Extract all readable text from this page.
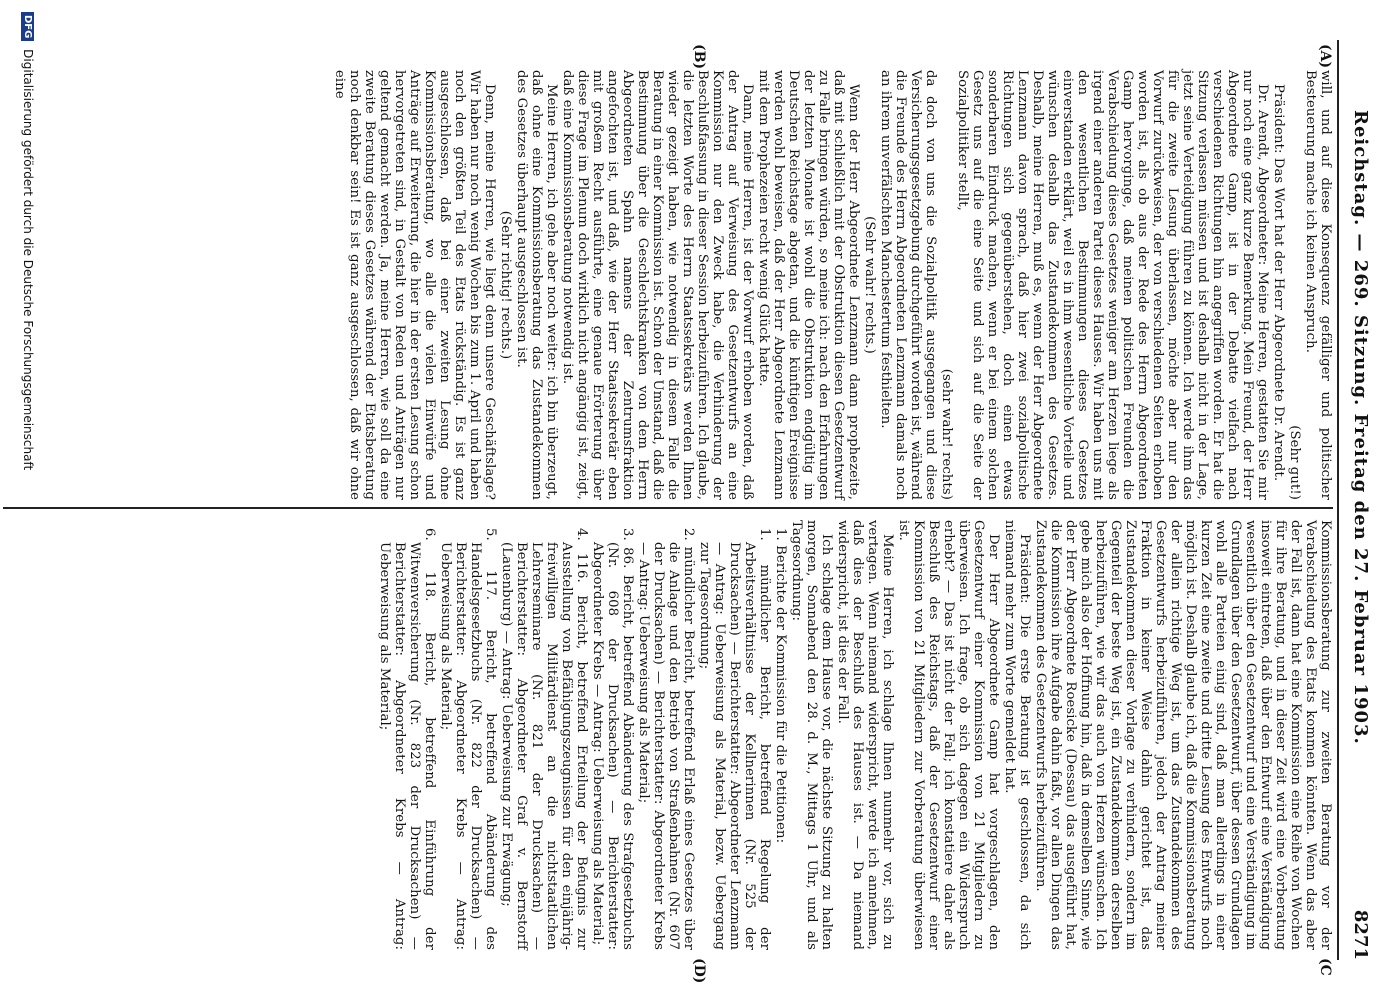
Reichstag. — 269. Sitzung. Freitag den 27. Februar 1903.
8271
(A)
(B)
(C
(D)

will, und auf diese Konsequenz gefälliger und politischer Besteuerung mache ich keinen Anspruch.

(Sehr gut!)

Präsident: Das Wort hat der Herr Abgeordnete Dr. Arendt.

Dr. Arendt, Abgeordneter: Meine Herren, gestatten Sie mir nur noch eine ganz kurze Bemerkung. Mein Freund, der Herr Abgeordnete Gamp, ist in der Debatte vielfach nach verschiedenen Richtungen hin angegriffen worden. Er hat die Sitzung verlassen müssen und ist deshalb nicht in der Lage, jetzt seine Verteidigung führen zu können. Ich werde ihm das für die zweite Lesung überlassen, möchte aber nur den Vorwurf zurückweisen, der von verschiedenen Seiten erhoben worden ist, als ob aus der Rede des Herrn Abgeordneten Gamp hervorginge, daß meinen politischen Freunden die Verabschiedung dieses Gesetzes weniger am Herzen liege als irgend einer anderen Partei dieses Hauses. Wir haben uns mit den wesentlichen Bestimmungen dieses Gesetzes einverstanden erklärt, weil es in ihm wesentliche Vorteile und wünschen deshalb das Zustandekommen des Gesetzes. Deshalb, meine Herren, muß es, wenn der Herr Abgeordnete Lenzmann davon sprach, daß hier zwei sozialpolitische Richtungen sich gegenüberstehen, doch einen etwas sonderbaren Eindruck machen, wenn er bei einem solchen Gesetz uns auf die eine Seite und sich auf die Seite der Sozialpolitiker stellt,

(sehr wahr! rechts)

da doch von uns die Sozialpolitik ausgegangen und diese Versicherungsgesetzgebung durchgeführt worden ist, während die Freunde des Herrn Abgeordneten Lenzmann damals noch an ihrem unverfälschten Manchestertum festhielten.

(Sehr wahr! rechts.)

Wenn der Herr Abgeordnete Lenzmann dann prophezeite, daß mit schließlich mit der Obstruktion diesen Gesetzentwurf zu Falle bringen würden, so meine ich: nach den Erfahrungen der letzten Monate ist wohl die Obstruktion endgültig im Deutschen Reichstage abgetan, und die künftigen Ereignisse werden wohl beweisen, daß der Herr Abgeordnete Lenzmann mit dem Prophezeien recht wenig Glück hatte.

Dann, meine Herren, ist der Vorwurf erhoben worden, daß der Antrag auf Verweisung des Gesetzentwurfs an eine Kommission nur den Zweck habe, die Verhinderung der Beschlußfassung in dieser Session herbeizuführen. Ich glaube, die letzten Worte des Herrn Staatssekretärs werden Ihnen wieder gezeigt haben, wie notwendig in diesem Falle die Beratung in einer Kommission ist. Schon der Umstand, daß die Bestimmung über die Geschlechtskranken von dem Herrn Abgeordneten Spahn namens der Zentrumsfraktion angefochten ist, und daß, wie der Herr Staatssekretär eben mit großem Recht ausführte, eine genaue Erörterung über diese Frage im Plenum doch wirklich nicht angängig ist, zeigt, daß eine Kommissionsberatung notwendig ist.

Meine Herren, ich gehe aber noch weiter: ich bin überzeugt, daß ohne eine Kommissionsberatung das Zustandekommen des Gesetzes überhaupt ausgeschlossen ist.

(Sehr richtig! rechts.)

Denn, meine Herren, wie liegt denn unsere Geschäftslage? Wir haben nur noch wenig Wochen bis zum 1. April und haben noch den größten Teil des Etats rückständig. Es ist ganz ausgeschlossen, daß bei einer zweiten Lesung ohne Kommissionsberatung, wo alle die vielen Einwürfe und Anträge auf Erweiterung, die hier in der ersten Lesung schon hervorgetreten sind, in Gestalt von Reden und Anträgen nur geltend gemacht werden. Ja, meine Herren, wie soll da eine zweite Beratung dieses Gesetzes während der Etatsberatung noch denkbar sein! Es ist ganz ausgeschlossen, daß wir ohne eine

Kommissionsberatung zur zweiten Beratung vor der Verabschiedung des Etats kommen könnten. Wenn das aber der Fall ist, dann hat eine Kommission eine Reihe von Wochen für ihre Beratung, und in dieser Zeit wird eine Vorberatung insoweit eintreten, daß über den Entwurf eine Verständigung wesentlich über den Gesetzentwurf und eine Verständigung im Grundlagen über den Gesetzentwurf, über dessen Grundlagen wohl alle Parteien einig sind, daß man allerdings in einer kurzen Zeit eine zweite und dritte Lesung des Entwurfs noch möglich ist. Deshalb glaube ich, daß die Kommissionsberatung der allein richtige Weg ist, um das Zustandekommen des Gesetzentwurfs herbeizuführen, jedoch der Antrag meiner Fraktion in keiner Weise dahin gerichtet ist, das Zustandekommen dieser Vorlage zu verhindern, sondern im Gegenteil der beste Weg ist, ein Zustandekommen derselben herbeizuführen, wie wir das auch von Herzen wünschen. Ich gebe mich also der Hoffnung hin, daß in demselben Sinne, wie der Herr Abgeordnete Roesicke (Dessau) das ausgeführt hat, die Kommission ihre Aufgabe dahin faßt, vor allen Dingen das Zustandekommen des Gesetzentwurfs herbeizuführen.

Präsident: Die erste Beratung ist geschlossen, da sich niemand mehr zum Worte gemeldet hat.

Der Herr Abgeordnete Gamp hat vorgeschlagen, den Gesetzentwurf einer Kommission von 21 Mitgliedern zu überweisen. Ich frage, ob sich dagegen ein Widerspruch erhebt? — Das ist nicht der Fall; ich konstatiere daher als Beschluß des Reichstags, daß der Gesetzentwurf einer Kommission von 21 Mitgliedern zur Vorberatung überwiesen ist.

Meine Herren, ich schlage Ihnen nunmehr vor, sich zu vertagen. Wenn niemand widerspricht, werde ich annehmen, daß dies der Beschluß des Hauses ist. — Da niemand widerspricht, ist dies der Fall.

Ich schlage dem Hause vor, die nächste Sitzung zu halten morgen, Sonnabend den 28. d. M., Mittags 1 Uhr, und als Tagesordnung:

1. Berichte der Kommission für die Petitionen:

1. mündlicher Bericht, betreffend Regelung der Arbeitsverhältnisse der Kellnerinnen (Nr. 525 der Drucksachen) — Berichterstatter: Abgeordneter Lenzmann — Antrag: Ueberweisung als Material, bezw. Uebergang zur Tagesordnung;

2. mündlicher Bericht, betreffend Erlaß eines Gesetzes über die Anlage und den Betrieb von Straßenbahnen (Nr. 607 der Drucksachen) — Berichterstatter: Abgeordneter Krebs — Antrag: Ueberweisung als Material;

3. 86. Bericht, betreffend Abänderung des Strafgesetzbuchs (Nr. 608 der Drucksachen) — Berichterstatter: Abgeordneter Krebs — Antrag: Ueberweisung als Material;

4. 116. Bericht, betreffend Erteilung der Befugnis zur Ausstellung von Befähigungszeugnissen für den einjährig-freiwilligen Militärdienst an die nichtstaatlichen Lehrerseminare (Nr. 821 der Drucksachen) — Berichterstatter: Abgeordneter Graf v. Bernstorff (Lauenburg) — Antrag: Ueberweisung zur Erwägung;

5. 117. Bericht, betreffend Abänderung des Handelsgesetzbuchs (Nr. 822 der Drucksachen) — Berichterstatter: Abgeordneter Krebs — Antrag: Ueberweisung als Material;

6. 118. Bericht, betreffend Einführung der Witwenversicherung (Nr. 823 der Drucksachen) — Berichterstatter: Abgeordneter Krebs — Antrag: Ueberweisung als Material;

DFG Digitalisierung gefördert durch die Deutsche Forschungsgemeinschaft
